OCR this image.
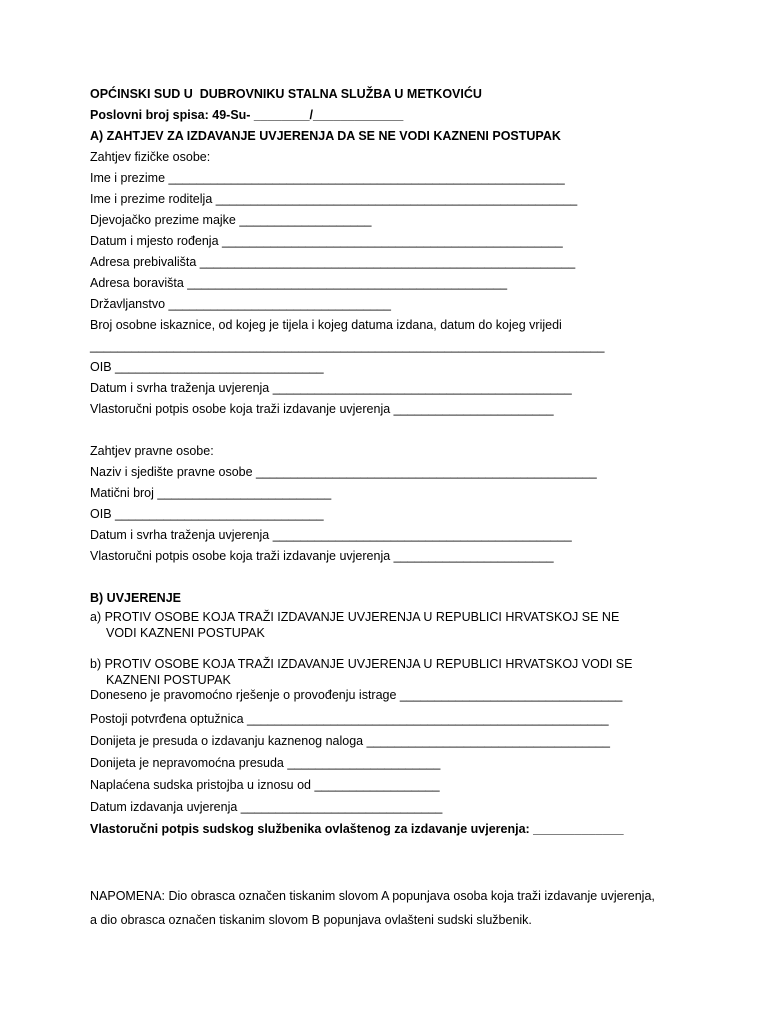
OPĆINSKI SUD U  DUBROVNIKU STALNA SLUŽBA U METKOVIĆU
Poslovni broj spisa: 49-Su- ________/_____________
A) ZAHTJEV ZA IZDAVANJE UVJERENJA DA SE NE VODI KAZNENI POSTUPAK
Zahtjev fizičke osobe:
Ime i prezime _________________________________________________________
Ime i prezime roditelja ____________________________________________________
Djevojačko prezime majke ___________________
Datum i mjesto rođenja _________________________________________________
Adresa prebivališta ______________________________________________________
Adresa boravišta ______________________________________________
Državljanstvo ________________________________
Broj osobne iskaznice, od kojeg je tijela i kojeg datuma izdana, datum do kojeg vrijedi
__________________________________________________________________________
OIB ______________________________
Datum i svrha traženja uvjerenja ___________________________________________
Vlastoručni potpis osobe koja traži izdavanje uvjerenja _______________________
Zahtjev pravne osobe:
Naziv i sjedište pravne osobe _________________________________________________
Matični broj _________________________
OIB ______________________________
Datum i svrha traženja uvjerenja ___________________________________________
Vlastoručni potpis osobe koja traži izdavanje uvjerenja _______________________
B) UVJERENJE
a) PROTIV OSOBE KOJA TRAŽI IZDAVANJE UVJERENJA U REPUBLICI HRVATSKOJ SE NE
VODI KAZNENI POSTUPAK
b) PROTIV OSOBE KOJA TRAŽI IZDAVANJE UVJERENJA U REPUBLICI HRVATSKOJ VODI SE
KAZNENI POSTUPAK
Doneseno je pravomoćno rješenje o provođenju istrage ________________________________
Postoji potvrđena optužnica ____________________________________________________
Donijeta je presuda o izdavanju kaznenog naloga ___________________________________
Donijeta je nepravomoćna presuda ______________________
Naplaćena sudska pristojba u iznosu od __________________
Datum izdavanja uvjerenja _____________________________
Vlastoručni potpis sudskog službenika ovlaštenog za izdavanje uvjerenja: _____________
NAPOMENA: Dio obrasca označen tiskanim slovom A popunjava osoba koja traži izdavanje uvjerenja,
a dio obrasca označen tiskanim slovom B popunjava ovlašteni sudski službenik.
